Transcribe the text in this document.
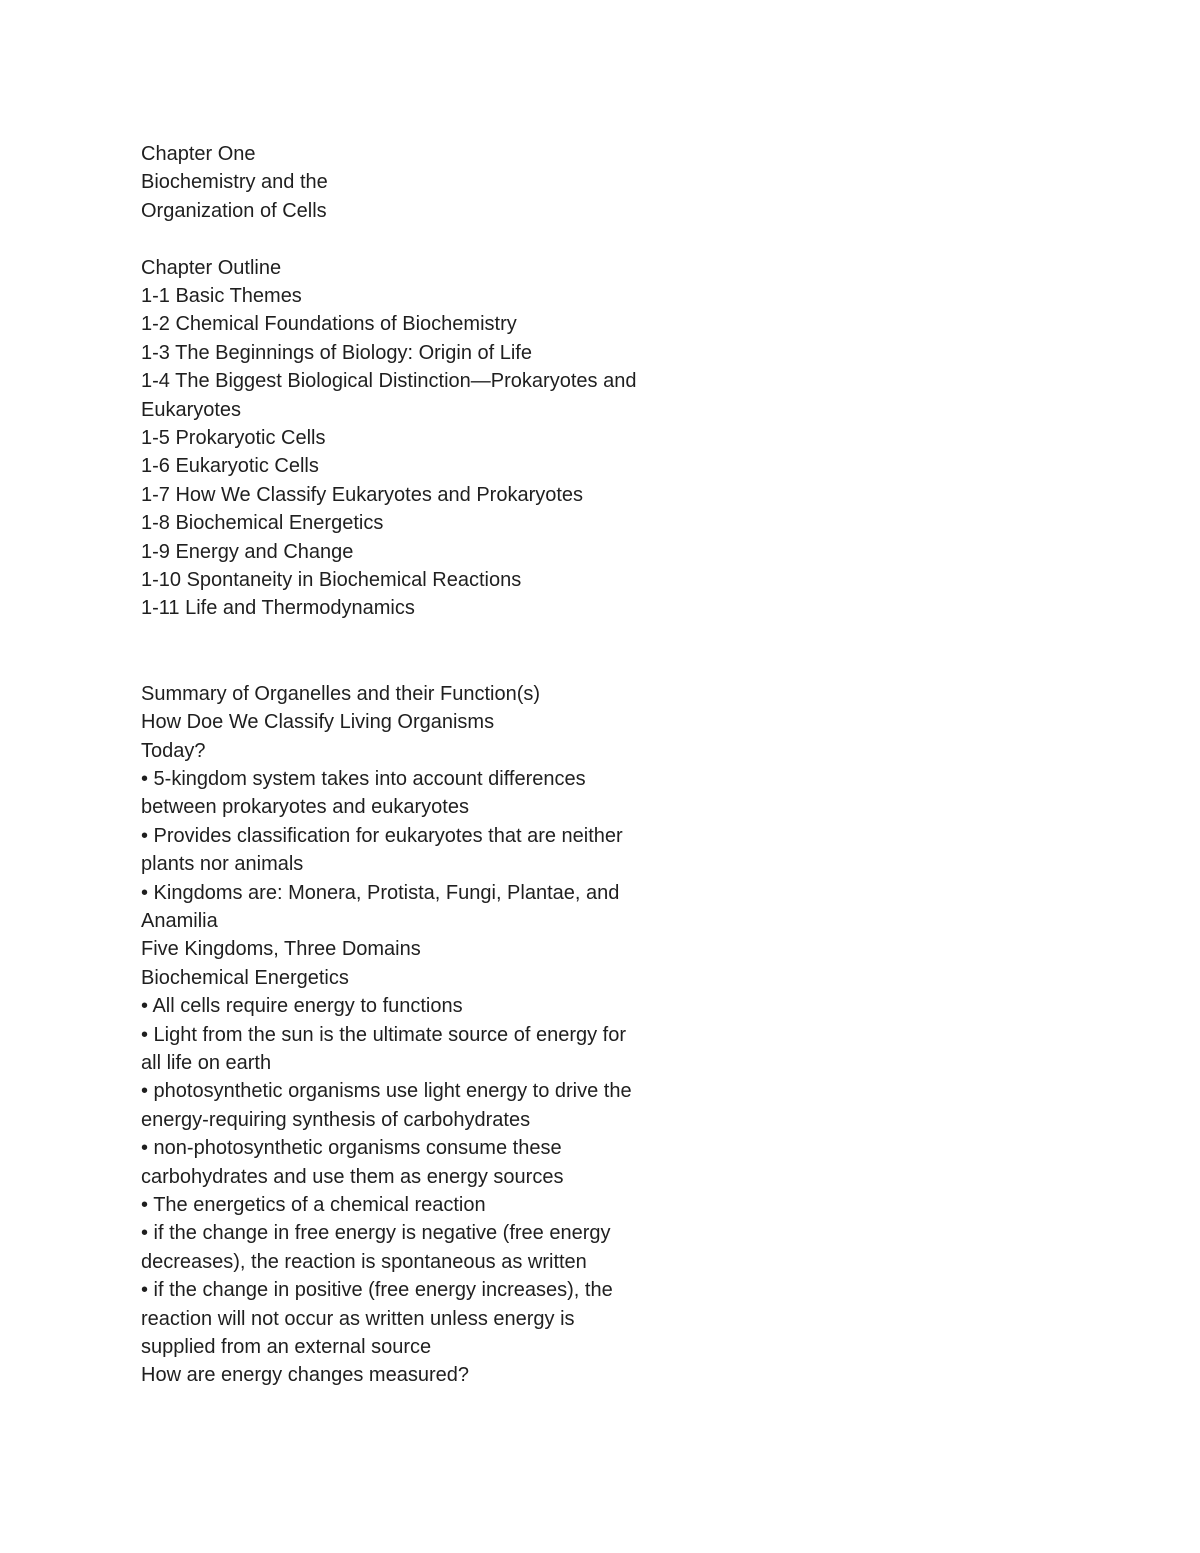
Chapter One
Biochemistry and the
Organization of Cells
Chapter Outline
1-1 Basic Themes
1-2 Chemical Foundations of Biochemistry
1-3 The Beginnings of Biology: Origin of Life
1-4 The Biggest Biological Distinction—Prokaryotes and
Eukaryotes
1-5 Prokaryotic Cells
1-6 Eukaryotic Cells
1-7 How We Classify Eukaryotes and Prokaryotes
1-8 Biochemical Energetics
1-9 Energy and Change
1-10 Spontaneity in Biochemical Reactions
1-11 Life and Thermodynamics
Summary of Organelles and their Function(s)
How Doe We Classify Living Organisms
Today?
• 5-kingdom system takes into account differences
between prokaryotes and eukaryotes
• Provides classification for eukaryotes that are neither
plants nor animals
• Kingdoms are: Monera, Protista, Fungi, Plantae, and
Anamilia
Five Kingdoms, Three Domains
Biochemical Energetics
• All cells require energy to functions
• Light from the sun is the ultimate source of energy for
all life on earth
• photosynthetic organisms use light energy to drive the
energy-requiring synthesis of carbohydrates
• non-photosynthetic organisms consume these
carbohydrates and use them as energy sources
• The energetics of a chemical reaction
• if the change in free energy is negative (free energy
decreases), the reaction is spontaneous as written
• if the change in positive (free energy increases), the
reaction will not occur as written unless energy is
supplied from an external source
How are energy changes measured?
